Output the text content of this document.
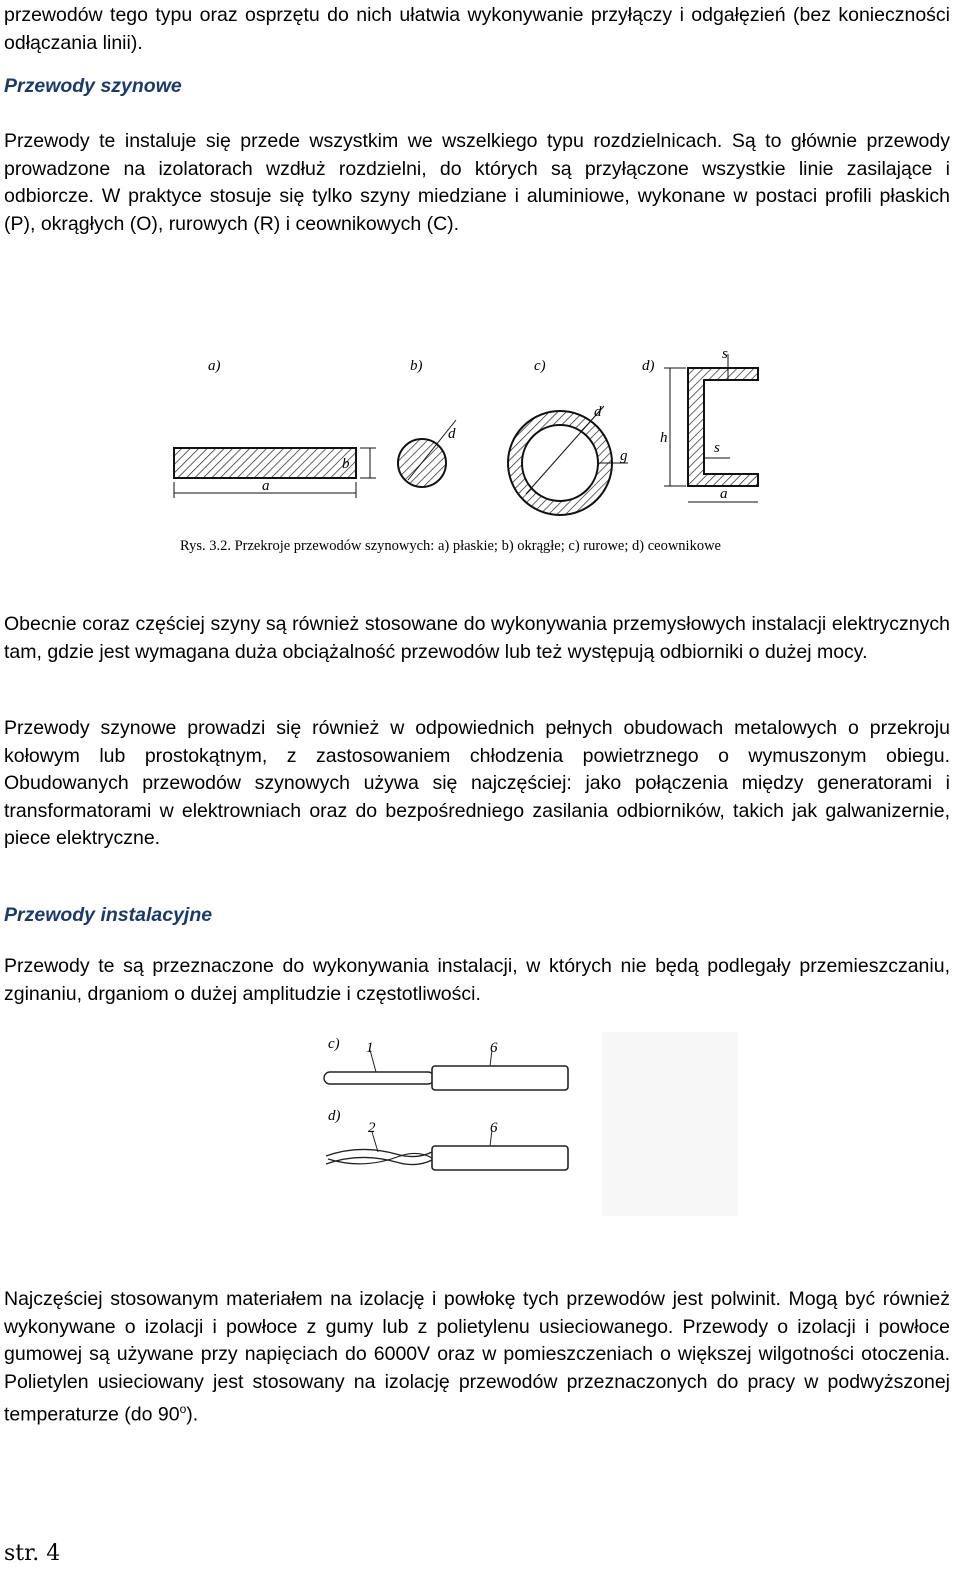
przewodów tego typu oraz osprzętu do nich ułatwia wykonywanie przyłączy i odgałęzień (bez konieczności odłączania linii).

Przewody szynowe

Przewody te instaluje się przede wszystkim we wszelkiego typu rozdzielnicach. Są to głównie przewody prowadzone na izolatorach wzdłuż rozdzielni, do których są przyłączone wszystkie linie zasilające i odbiorcze. W praktyce stosuje się tylko szyny miedziane i aluminiowe, wykonane w postaci profili płaskich (P), okrągłych (O), rurowych (R) i ceownikowych (C).

a)
a
b
b)
d
c)
d
g
d)
h
s
s
a
Rys. 3.2. Przekroje przewodów szynowych: a) płaskie; b) okrągłe; c) rurowe; d) ceownikowe

Obecnie coraz częściej szyny są również stosowane do wykonywania przemysłowych instalacji elektrycznych tam, gdzie jest wymagana duża obciążalność przewodów lub też występują odbiorniki o dużej mocy.

Przewody szynowe prowadzi się również w odpowiednich pełnych obudowach metalowych o przekroju kołowym lub prostokątnym, z zastosowaniem chłodzenia powietrznego o wymuszonym obiegu. Obudowanych przewodów szynowych używa się najczęściej: jako połączenia między generatorami i transformatorami w elektrowniach oraz do bezpośredniego zasilania odbiorników, takich jak galwanizernie, piece elektryczne.

Przewody instalacyjne

Przewody te są przeznaczone do wykonywania instalacji, w których nie będą podlegały przemieszczaniu, zginaniu, drganiom o dużej amplitudzie i częstotliwości.

c) 1	6
d)
2	6

Najczęściej stosowanym materiałem na izolację i powłokę tych przewodów jest polwinit. Mogą być również wykonywane o izolacji i powłoce z gumy lub z polietylenu usieciowanego. Przewody o izolacji i powłoce gumowej są używane przy napięciach do 6000V oraz w pomieszczeniach o większej wilgotności otoczenia. Polietylen usieciowany jest stosowany na izolację przewodów przeznaczonych do pracy w podwyższonej temperaturze (do 90$^o$).

str. 4
